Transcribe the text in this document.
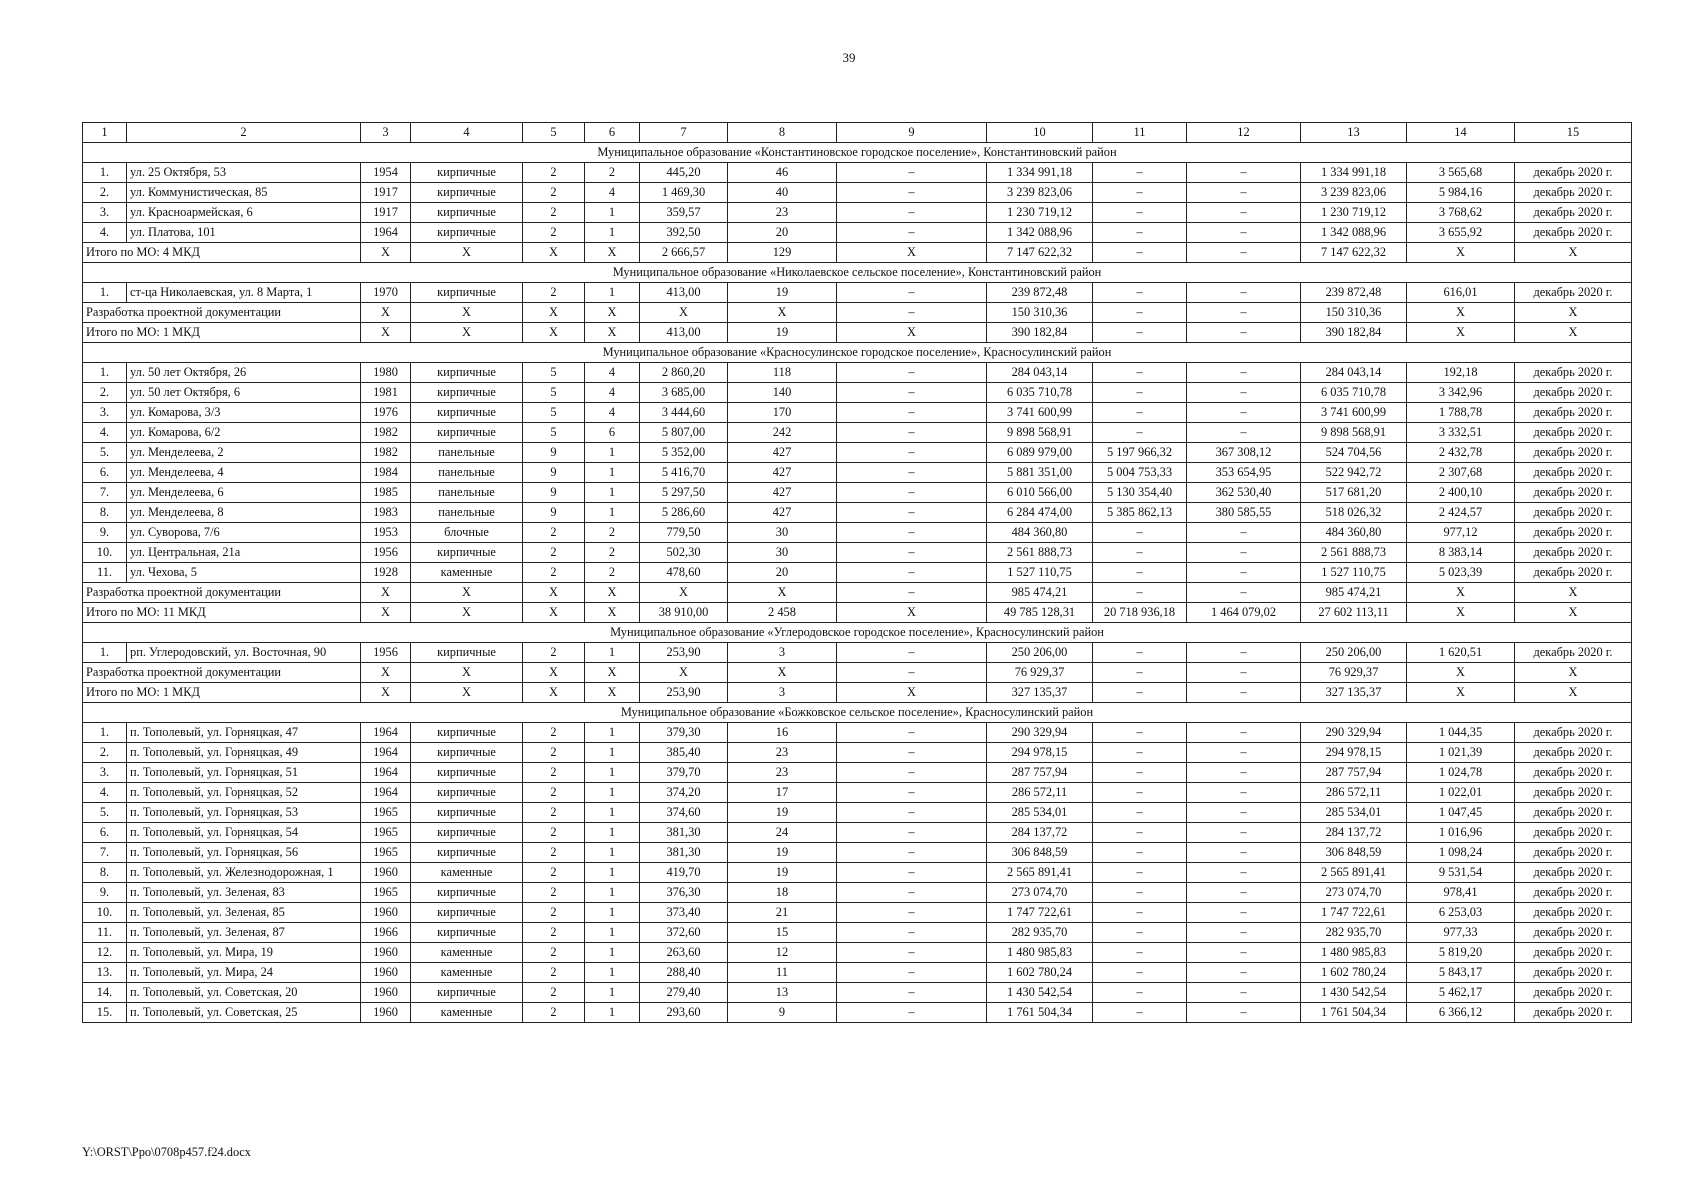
39
1	2	3	4	5	6	7	8	9	10	11	12	13	14	15
Муниципальное образование «Константиновское городское поселение», Константиновский район														
1.	ул. 25 Октября, 53	1954	кирпичные	2	2	445,20	46	–	1 334 991,18	–	–	1 334 991,18	3 565,68	декабрь 2020 г.
2.	ул. Коммунистическая, 85	1917	кирпичные	2	4	1 469,30	40	–	3 239 823,06	–	–	3 239 823,06	5 984,16	декабрь 2020 г.
3.	ул. Красноармейская, 6	1917	кирпичные	2	1	359,57	23	–	1 230 719,12	–	–	1 230 719,12	3 768,62	декабрь 2020 г.
4.	ул. Платова, 101	1964	кирпичные	2	1	392,50	20	–	1 342 088,96	–	–	1 342 088,96	3 655,92	декабрь 2020 г.
Итого по МО: 4 МКД		X	X	X	X	2 666,57	129	X	7 147 622,32	–	–	7 147 622,32	X	X
Муниципальное образование «Николаевское сельское поселение», Константиновский район														
1.	ст-ца Николаевская, ул. 8 Марта, 1	1970	кирпичные	2	1	413,00	19	–	239 872,48	–	–	239 872,48	616,01	декабрь 2020 г.
Разработка проектной документации		X	X	X	X	X	X	–	150 310,36	–	–	150 310,36	X	X
Итого по МО: 1 МКД		X	X	X	X	413,00	19	X	390 182,84	–	–	390 182,84	X	X
Муниципальное образование «Красносулинское городское поселение», Красносулинский район														
1.	ул. 50 лет Октября, 26	1980	кирпичные	5	4	2 860,20	118	–	284 043,14	–	–	284 043,14	192,18	декабрь 2020 г.
2.	ул. 50 лет Октября, 6	1981	кирпичные	5	4	3 685,00	140	–	6 035 710,78	–	–	6 035 710,78	3 342,96	декабрь 2020 г.
3.	ул. Комарова, 3/3	1976	кирпичные	5	4	3 444,60	170	–	3 741 600,99	–	–	3 741 600,99	1 788,78	декабрь 2020 г.
4.	ул. Комарова, 6/2	1982	кирпичные	5	6	5 807,00	242	–	9 898 568,91	–	–	9 898 568,91	3 332,51	декабрь 2020 г.
5.	ул. Менделеева, 2	1982	панельные	9	1	5 352,00	427	–	6 089 979,00	5 197 966,32	367 308,12	524 704,56	2 432,78	декабрь 2020 г.
6.	ул. Менделеева, 4	1984	панельные	9	1	5 416,70	427	–	5 881 351,00	5 004 753,33	353 654,95	522 942,72	2 307,68	декабрь 2020 г.
7.	ул. Менделеева, 6	1985	панельные	9	1	5 297,50	427	–	6 010 566,00	5 130 354,40	362 530,40	517 681,20	2 400,10	декабрь 2020 г.
8.	ул. Менделеева, 8	1983	панельные	9	1	5 286,60	427	–	6 284 474,00	5 385 862,13	380 585,55	518 026,32	2 424,57	декабрь 2020 г.
9.	ул. Суворова, 7/6	1953	блочные	2	2	779,50	30	–	484 360,80	–	–	484 360,80	977,12	декабрь 2020 г.
10.	ул. Центральная, 21а	1956	кирпичные	2	2	502,30	30	–	2 561 888,73	–	–	2 561 888,73	8 383,14	декабрь 2020 г.
11.	ул. Чехова, 5	1928	каменные	2	2	478,60	20	–	1 527 110,75	–	–	1 527 110,75	5 023,39	декабрь 2020 г.
Разработка проектной документации		X	X	X	X	X	X	–	985 474,21	–	–	985 474,21	X	X
Итого по МО: 11 МКД		X	X	X	X	38 910,00	2 458	X	49 785 128,31	20 718 936,18	1 464 079,02	27 602 113,11	X	X
Муниципальное образование «Углеродовское городское поселение», Красносулинский район														
1.	рп. Углеродовский, ул. Восточная, 90	1956	кирпичные	2	1	253,90	3	–	250 206,00	–	–	250 206,00	1 620,51	декабрь 2020 г.
Разработка проектной документации		X	X	X	X	X	X	–	76 929,37	–	–	76 929,37	X	X
Итого по МО: 1 МКД		X	X	X	X	253,90	3	X	327 135,37	–	–	327 135,37	X	X
Муниципальное образование «Божковское сельское поселение», Красносулинский район														
1.	п. Тополевый, ул. Горняцкая, 47	1964	кирпичные	2	1	379,30	16	–	290 329,94	–	–	290 329,94	1 044,35	декабрь 2020 г.
2.	п. Тополевый, ул. Горняцкая, 49	1964	кирпичные	2	1	385,40	23	–	294 978,15	–	–	294 978,15	1 021,39	декабрь 2020 г.
3.	п. Тополевый, ул. Горняцкая, 51	1964	кирпичные	2	1	379,70	23	–	287 757,94	–	–	287 757,94	1 024,78	декабрь 2020 г.
4.	п. Тополевый, ул. Горняцкая, 52	1964	кирпичные	2	1	374,20	17	–	286 572,11	–	–	286 572,11	1 022,01	декабрь 2020 г.
5.	п. Тополевый, ул. Горняцкая, 53	1965	кирпичные	2	1	374,60	19	–	285 534,01	–	–	285 534,01	1 047,45	декабрь 2020 г.
6.	п. Тополевый, ул. Горняцкая, 54	1965	кирпичные	2	1	381,30	24	–	284 137,72	–	–	284 137,72	1 016,96	декабрь 2020 г.
7.	п. Тополевый, ул. Горняцкая, 56	1965	кирпичные	2	1	381,30	19	–	306 848,59	–	–	306 848,59	1 098,24	декабрь 2020 г.
8.	п. Тополевый, ул. Железнодорожная, 1	1960	каменные	2	1	419,70	19	–	2 565 891,41	–	–	2 565 891,41	9 531,54	декабрь 2020 г.
9.	п. Тополевый, ул. Зеленая, 83	1965	кирпичные	2	1	376,30	18	–	273 074,70	–	–	273 074,70	978,41	декабрь 2020 г.
10.	п. Тополевый, ул. Зеленая, 85	1960	кирпичные	2	1	373,40	21	–	1 747 722,61	–	–	1 747 722,61	6 253,03	декабрь 2020 г.
11.	п. Тополевый, ул. Зеленая, 87	1966	кирпичные	2	1	372,60	15	–	282 935,70	–	–	282 935,70	977,33	декабрь 2020 г.
12.	п. Тополевый, ул. Мира, 19	1960	каменные	2	1	263,60	12	–	1 480 985,83	–	–	1 480 985,83	5 819,20	декабрь 2020 г.
13.	п. Тополевый, ул. Мира, 24	1960	каменные	2	1	288,40	11	–	1 602 780,24	–	–	1 602 780,24	5 843,17	декабрь 2020 г.
14.	п. Тополевый, ул. Советская, 20	1960	кирпичные	2	1	279,40	13	–	1 430 542,54	–	–	1 430 542,54	5 462,17	декабрь 2020 г.
15.	п. Тополевый, ул. Советская, 25	1960	каменные	2	1	293,60	9	–	1 761 504,34	–	–	1 761 504,34	6 366,12	декабрь 2020 г.
Y:\ORST\Ppo\0708p457.f24.docx
